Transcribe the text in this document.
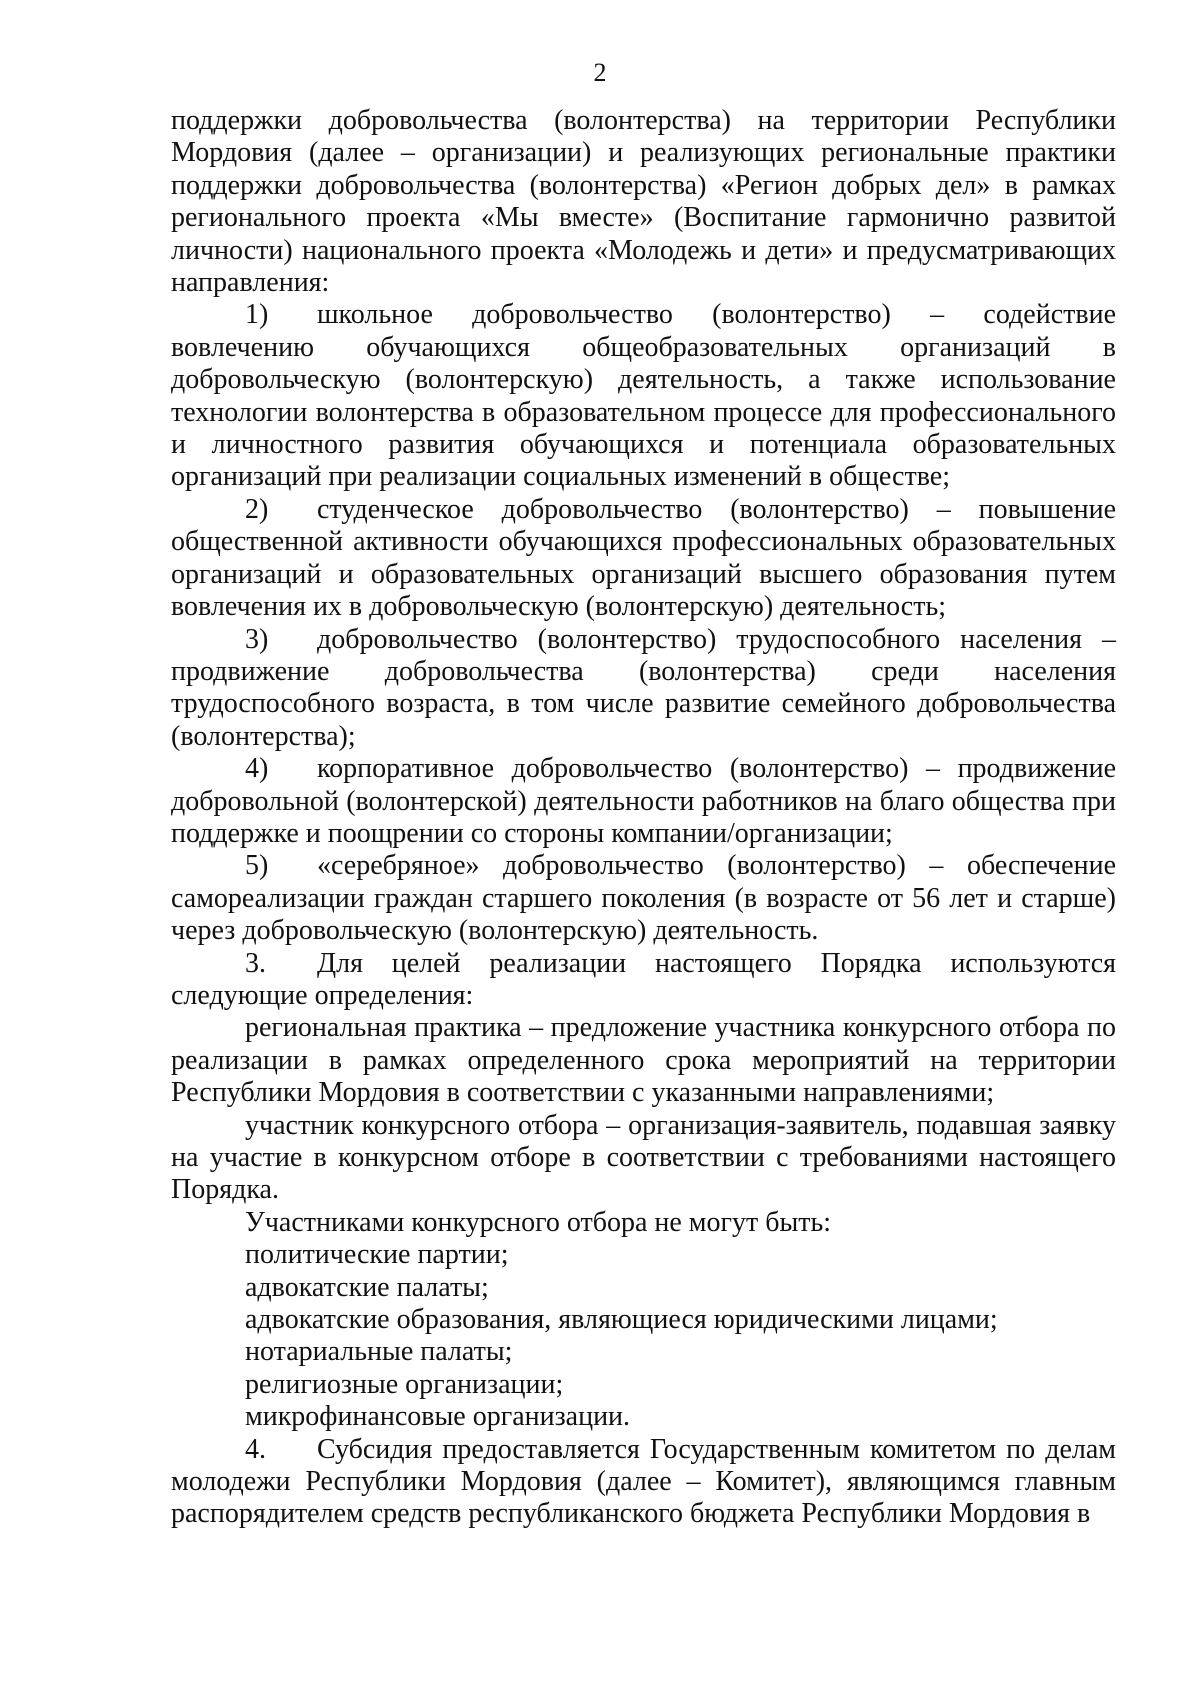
2

поддержки добровольчества (волонтерства) на территории Республики Мордовия (далее – организации) и реализующих региональные практики поддержки добровольчества (волонтерства) «Регион добрых дел» в рамках регионального проекта «Мы вместе» (Воспитание гармонично развитой личности) национального проекта «Молодежь и дети» и предусматривающих направления:

1) школьное добровольчество (волонтерство) – содействие вовлечению обучающихся общеобразовательных организаций в добровольческую (волонтерскую) деятельность, а также использование технологии волонтерства в образовательном процессе для профессионального и личностного развития обучающихся и потенциала образовательных организаций при реализации социальных изменений в обществе;

2) студенческое добровольчество (волонтерство) – повышение общественной активности обучающихся профессиональных образовательных организаций и образовательных организаций высшего образования путем вовлечения их в добровольческую (волонтерскую) деятельность;

3) добровольчество (волонтерство) трудоспособного населения – продвижение добровольчества (волонтерства) среди населения трудоспособного возраста, в том числе развитие семейного добровольчества (волонтерства);

4) корпоративное добровольчество (волонтерство) – продвижение добровольной (волонтерской) деятельности работников на благо общества при поддержке и поощрении со стороны компании/организации;

5) «серебряное» добровольчество (волонтерство) – обеспечение самореализации граждан старшего поколения (в возрасте от 56 лет и старше) через добровольческую (волонтерскую) деятельность.

3. Для целей реализации настоящего Порядка используются следующие определения:

региональная практика – предложение участника конкурсного отбора по реализации в рамках определенного срока мероприятий на территории Республики Мордовия в соответствии с указанными направлениями;

участник конкурсного отбора – организация-заявитель, подавшая заявку на участие в конкурсном отборе в соответствии с требованиями настоящего Порядка.

Участниками конкурсного отбора не могут быть:

политические партии;

адвокатские палаты;

адвокатские образования, являющиеся юридическими лицами;

нотариальные палаты;

религиозные организации;

микрофинансовые организации.

4. Субсидия предоставляется Государственным комитетом по делам молодежи Республики Мордовия (далее – Комитет), являющимся главным распорядителем средств республиканского бюджета Республики Мордовия в
